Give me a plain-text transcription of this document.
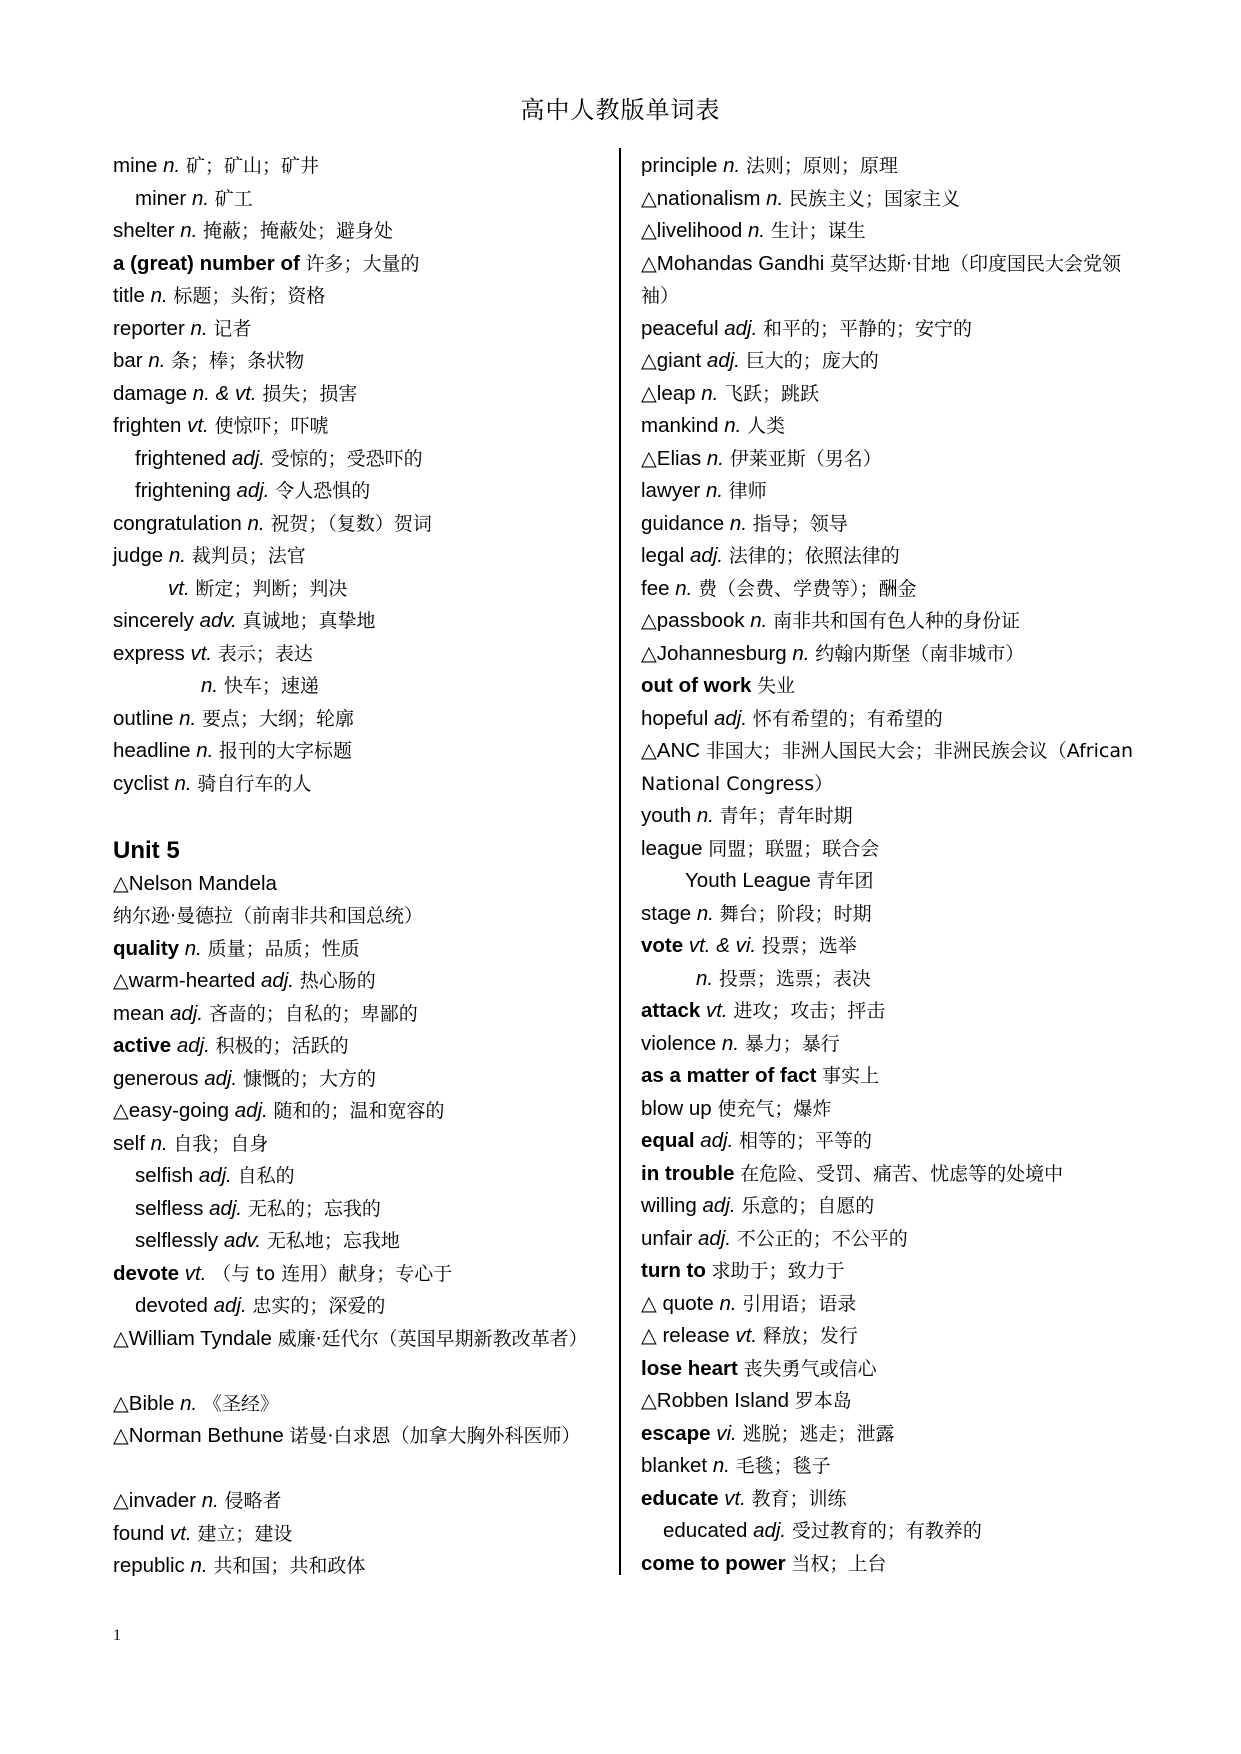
高中人教版单词表
mine n. 矿；矿山；矿井
miner n. 矿工
shelter n. 掩蔽；掩蔽处；避身处
a (great) number of 许多；大量的
title n. 标题；头衔；资格
reporter n. 记者
bar n. 条；棒；条状物
damage n. & vt. 损失；损害
frighten vt. 使惊吓；吓唬
frightened adj. 受惊的；受恐吓的
frightening adj. 令人恐惧的
congratulation n. 祝贺；（复数）贺词
judge n. 裁判员；法官
vt. 断定；判断；判决
sincerely adv. 真诚地；真挚地
express vt. 表示；表达
n. 快车；速递
outline n. 要点；大纲；轮廓
headline n. 报刊的大字标题
cyclist n. 骑自行车的人
Unit 5
△Nelson Mandela
纳尔逊·曼德拉（前南非共和国总统）
quality n. 质量；品质；性质
△warm-hearted adj. 热心肠的
mean adj. 吝啬的；自私的；卑鄙的
active adj. 积极的；活跃的
generous adj. 慷慨的；大方的
△easy-going adj. 随和的；温和宽容的
self n. 自我；自身
selfish adj. 自私的
selfless adj. 无私的；忘我的
selflessly adv. 无私地；忘我地
devote vt. （与 to 连用）献身；专心于
devoted adj. 忠实的；深爱的
△William Tyndale 威廉·廷代尔（英国早期新教改革者）
△Bible n. 《圣经》
△Norman Bethune 诺曼·白求恩（加拿大胸外科医师）
△invader n. 侵略者
found vt. 建立；建设
republic n. 共和国；共和政体
principle n. 法则；原则；原理
△nationalism n. 民族主义；国家主义
△livelihood n. 生计；谋生
△Mohandas Gandhi 莫罕达斯·甘地（印度国民大会党领袖）
peaceful adj. 和平的；平静的；安宁的
△giant adj. 巨大的；庞大的
△leap n. 飞跃；跳跃
mankind n. 人类
△Elias n. 伊莱亚斯（男名）
lawyer n. 律师
guidance n. 指导；领导
legal adj. 法律的；依照法律的
fee n. 费（会费、学费等）；酬金
△passbook n. 南非共和国有色人种的身份证
△Johannesburg n. 约翰内斯堡（南非城市）
out of work 失业
hopeful adj. 怀有希望的；有希望的
△ANC 非国大；非洲人国民大会；非洲民族会议（African National Congress）
youth n. 青年；青年时期
league 同盟；联盟；联合会
Youth League 青年团
stage n. 舞台；阶段；时期
vote vt. & vi. 投票；选举
n. 投票；选票；表决
attack vt. 进攻；攻击；抨击
violence n. 暴力；暴行
as a matter of fact 事实上
blow up 使充气；爆炸
equal adj. 相等的；平等的
in trouble 在危险、受罚、痛苦、忧虑等的处境中
willing adj. 乐意的；自愿的
unfair adj. 不公正的；不公平的
turn to 求助于；致力于
△ quote n. 引用语；语录
△ release vt. 释放；发行
lose heart 丧失勇气或信心
△Robben Island 罗本岛
escape vi. 逃脱；逃走；泄露
blanket n. 毛毯；毯子
educate vt. 教育；训练
educated adj. 受过教育的；有教养的
come to power 当权；上台
1
